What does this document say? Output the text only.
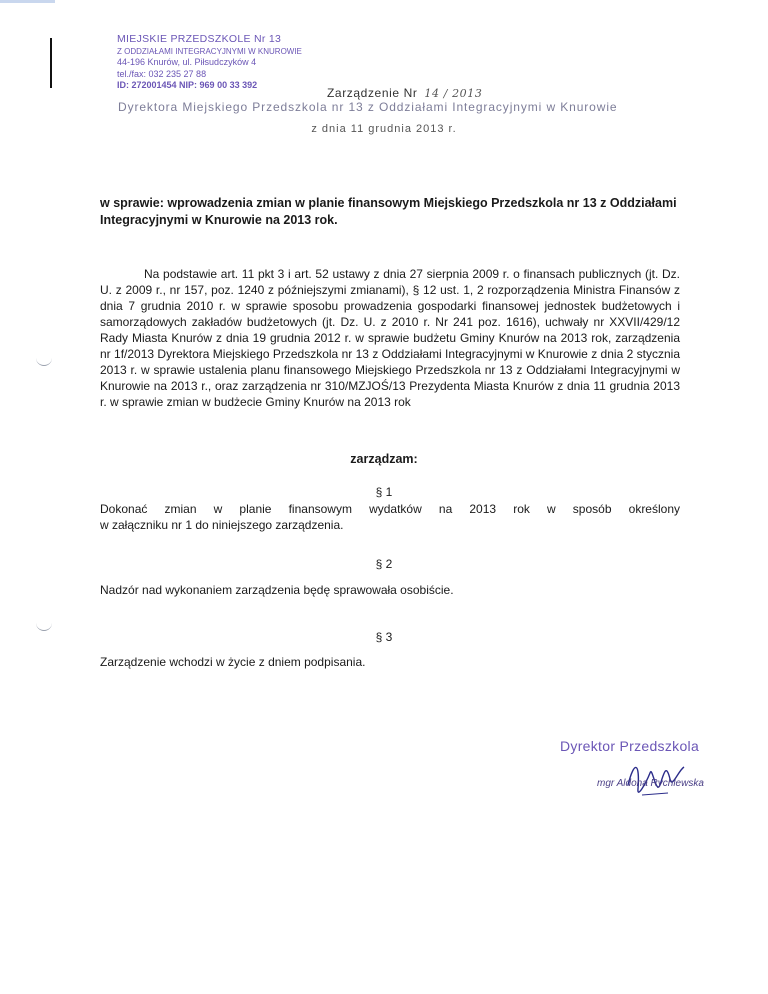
MIEJSKIE PRZEDSZKOLE Nr 13
Z ODDZIAŁAMI INTEGRACYJNYMI W KNUROWIE
44-196 Knurów, ul. Piłsudczyków 4
tel./fax: 032 235 27 88
ID: 272001454 NIP: 969 00 33 392
Zarządzenie Nr 14 / 2013
Dyrektora Miejskiego Przedszkola nr 13 z Oddziałami Integracyjnymi w Knurowie
z dnia 11 grudnia 2013 r.
w sprawie: wprowadzenia zmian w planie finansowym Miejskiego Przedszkola nr 13 z Oddziałami Integracyjnymi w Knurowie na 2013 rok.
Na podstawie art. 11 pkt 3 i art. 52 ustawy z dnia 27 sierpnia 2009 r. o finansach publicznych (jt. Dz. U. z 2009 r., nr 157, poz. 1240 z późniejszymi zmianami), § 12 ust. 1, 2 rozporządzenia Ministra Finansów z dnia 7 grudnia 2010 r. w sprawie sposobu prowadzenia gospodarki finansowej jednostek budżetowych i samorządowych zakładów budżetowych (jt. Dz. U. z 2010 r. Nr 241 poz. 1616), uchwały nr XXVII/429/12 Rady Miasta Knurów z dnia 19 grudnia 2012 r. w sprawie budżetu Gminy Knurów na 2013 rok, zarządzenia nr 1f/2013 Dyrektora Miejskiego Przedszkola nr 13 z Oddziałami Integracyjnymi w Knurowie z dnia 2 stycznia 2013 r. w sprawie ustalenia planu finansowego Miejskiego Przedszkola nr 13 z Oddziałami Integracyjnymi w Knurowie na 2013 r., oraz zarządzenia nr 310/MZJOŚ/13 Prezydenta Miasta Knurów z dnia 11 grudnia 2013 r. w sprawie zmian w budżecie Gminy Knurów na 2013 rok
zarządzam:
§ 1
Dokonać zmian w planie finansowym wydatków na 2013 rok w sposób określony
w załączniku nr 1 do niniejszego zarządzenia.
§ 2
Nadzór nad wykonaniem zarządzenia będę sprawowała osobiście.
§ 3
Zarządzenie wchodzi w życie z dniem podpisania.
Dyrektor Przedszkola
mgr Aldona Rychlewska
